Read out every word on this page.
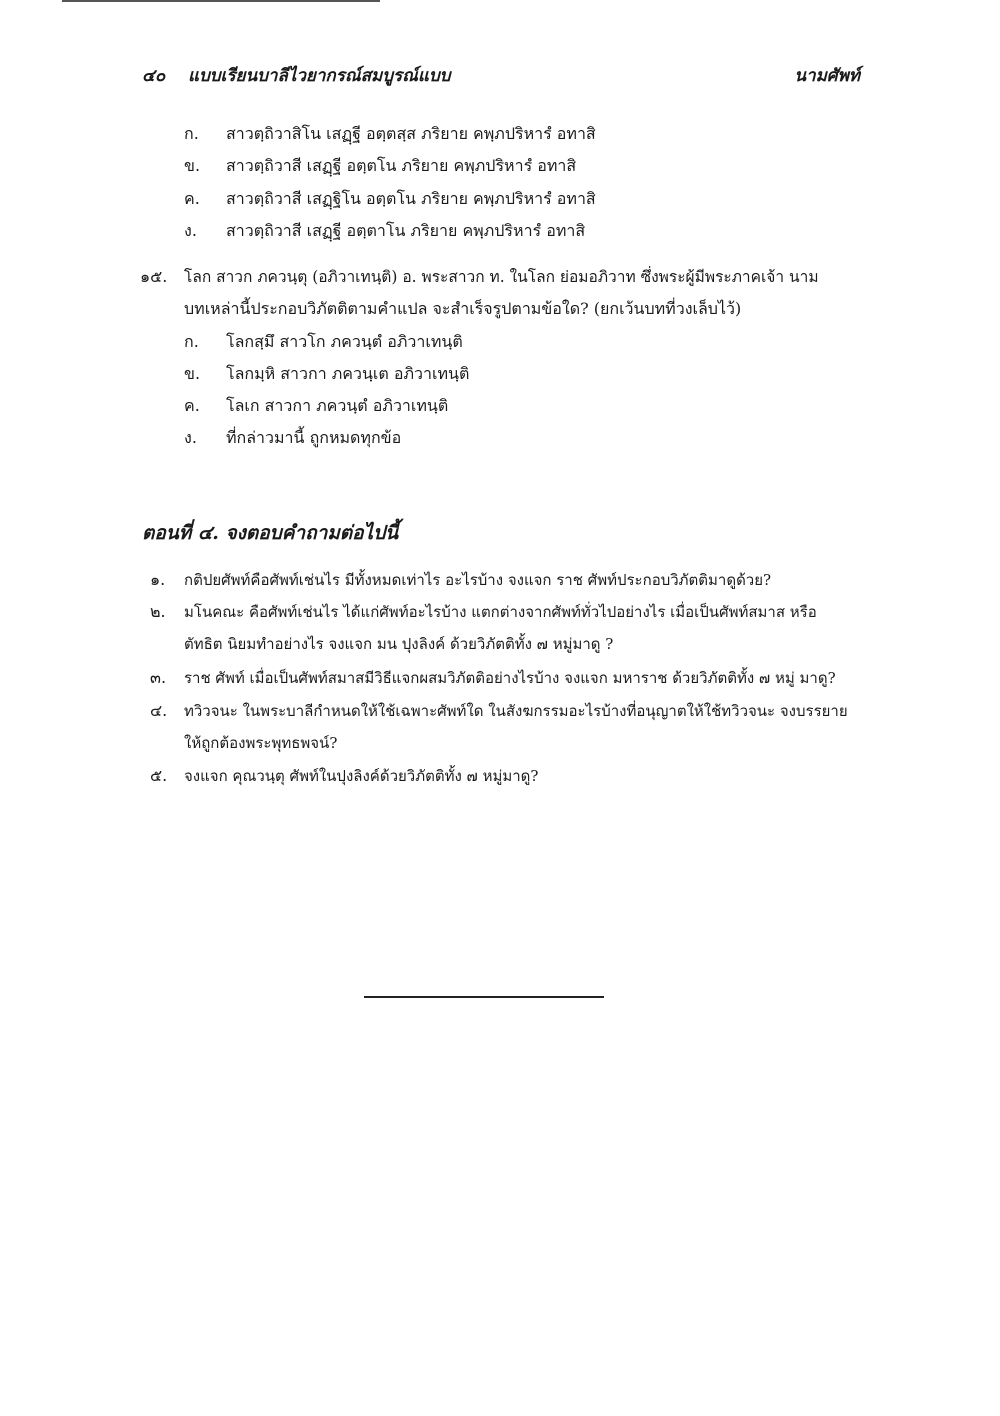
๔๐ แบบเรียนบาลีไวยากรณ์สมบูรณ์แบบ	นามศัพท์
ก. สาวตฺถิวาสิโน เสฏฺฐี อตฺตสฺส ภริยาย คพฺภปริหารํ อทาสิ
ข. สาวตฺถิวาสี เสฏฺฐี อตฺตโน ภริยาย คพฺภปริหารํ อทาสิ
ค. สาวตฺถิวาสี เสฏฺฐิโน อตฺตโน ภริยาย คพฺภปริหารํ อทาสิ
ง. สาวตฺถิวาสี เสฏฺฐี อตฺตาโน ภริยาย คพฺภปริหารํ อทาสิ
๑๕. โลก สาวก ภควนฺตุ (อภิวาเทนฺติ) อ. พระสาวก ท. ในโลก ย่อมอภิวาท ซึ่งพระผู้มีพระภาคเจ้า นาม
บทเหล่านี้ประกอบวิภัตติตามคำแปล จะสำเร็จรูปตามข้อใด? (ยกเว้นบทที่วงเล็บไว้)
ก. โลกสฺมึ สาวโก ภควนฺตํ อภิวาเทนฺติ
ข. โลกมฺหิ สาวกา ภควนฺเต อภิวาเทนฺติ
ค. โลเก สาวกา ภควนฺตํ อภิวาเทนฺติ
ง. ที่กล่าวมานี้ ถูกหมดทุกข้อ
ตอนที่ ๔. จงตอบคำถามต่อไปนี้
๑. กติปยศัพท์คือศัพท์เช่นไร มีทั้งหมดเท่าไร อะไรบ้าง จงแจก ราช ศัพท์ประกอบวิภัตติมาดูด้วย?
๒. มโนคณะ คือศัพท์เช่นไร ได้แก่ศัพท์อะไรบ้าง แตกต่างจากศัพท์ทั่วไปอย่างไร เมื่อเป็นศัพท์สมาส หรือ
ตัทธิต นิยมทำอย่างไร จงแจก มน ปุงลิงค์ ด้วยวิภัตติทั้ง ๗ หมู่มาดู ?
๓. ราช ศัพท์ เมื่อเป็นศัพท์สมาสมีวิธีแจกผสมวิภัตติอย่างไรบ้าง จงแจก มหาราช ด้วยวิภัตติทั้ง ๗ หมู่ มาดู?
๔. ทวิวจนะ ในพระบาลีกำหนดให้ใช้เฉพาะศัพท์ใด ในสังฆกรรมอะไรบ้างที่อนุญาตให้ใช้ทวิวจนะ จงบรรยาย
ให้ถูกต้องพระพุทธพจน์?
๕. จงแจก คุณวนฺตุ ศัพท์ในปุงลิงค์ด้วยวิภัตติทั้ง ๗ หมู่มาดู?
